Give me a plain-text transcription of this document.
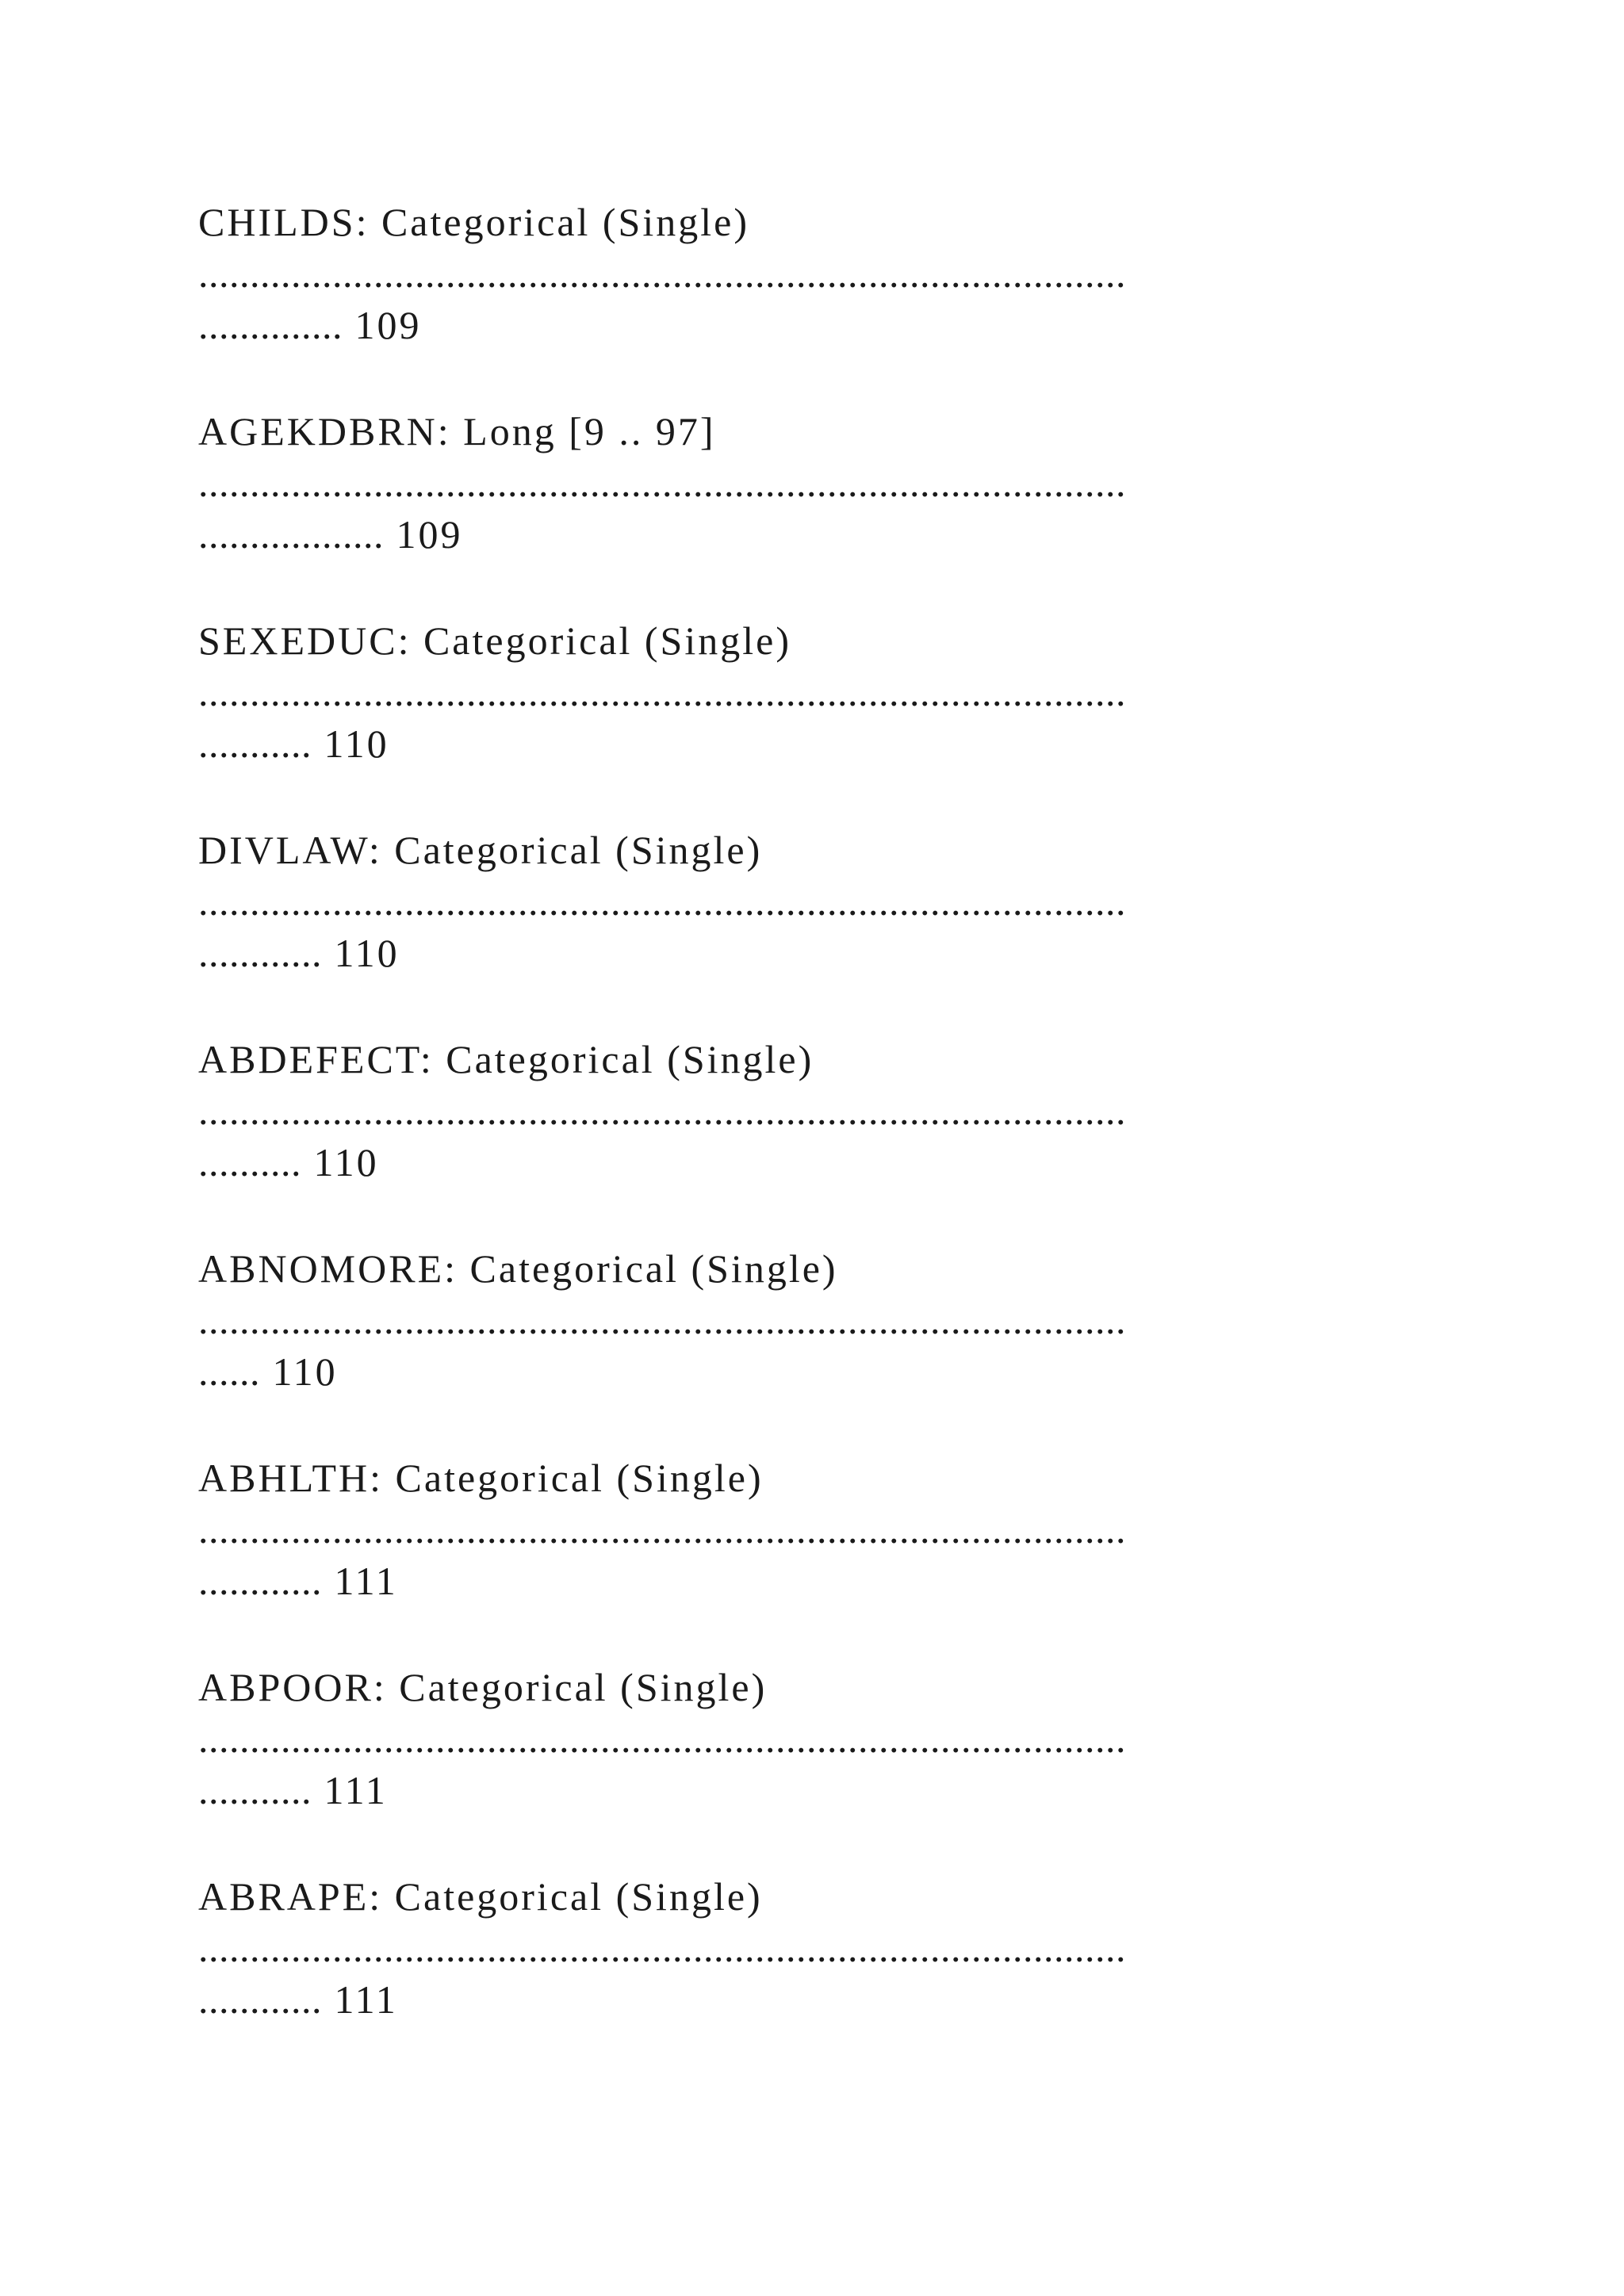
CHILDS: Categorical (Single)
..........................................................................................
.............. 109
AGEKDBRN: Long [9 .. 97]
..........................................................................................
.................. 109
SEXEDUC: Categorical (Single)
..........................................................................................
........... 110
DIVLAW: Categorical (Single)
..........................................................................................
............ 110
ABDEFECT: Categorical (Single)
..........................................................................................
.......... 110
ABNOMORE: Categorical (Single)
..........................................................................................
...... 110
ABHLTH: Categorical (Single)
..........................................................................................
............ 111
ABPOOR: Categorical (Single)
..........................................................................................
........... 111
ABRAPE: Categorical (Single)
..........................................................................................
............ 111
